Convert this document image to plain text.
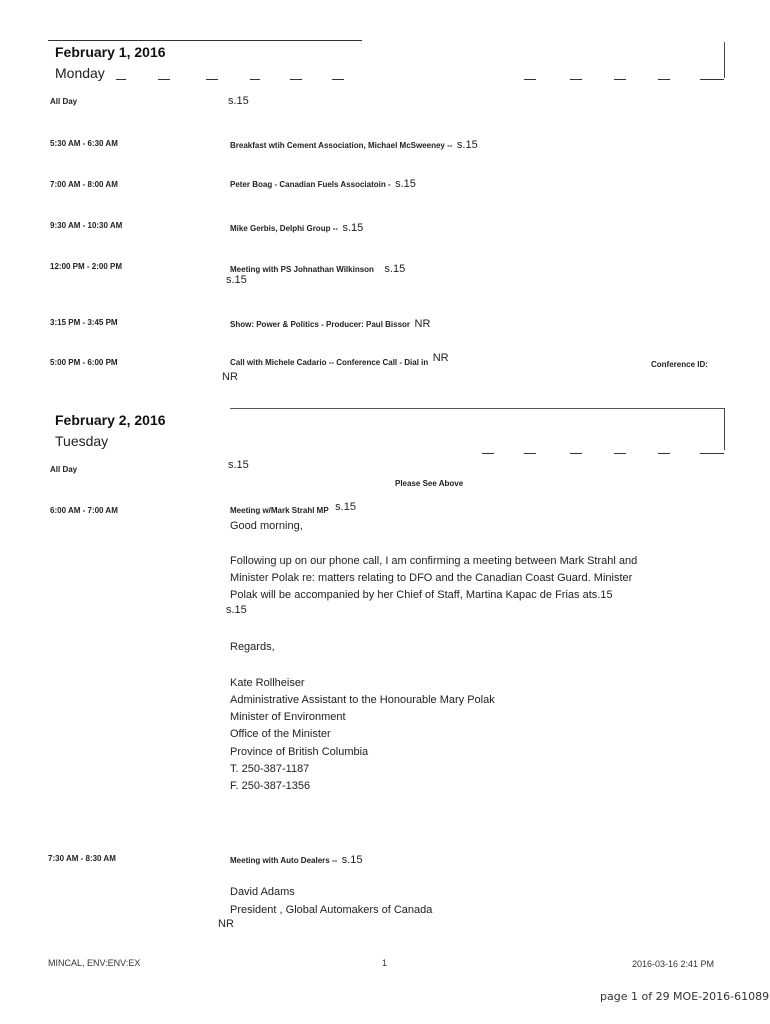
February 1, 2016
Monday
All Day	s.15
5:30 AM - 6:30 AM	Breakfast wtih Cement Association, Michael McSweeney -- s.15
7:00 AM - 8:00 AM	Peter Boag - Canadian Fuels Associatoin - s.15
9:30 AM - 10:30 AM	Mike Gerbis, Delphi Group -- s.15
12:00 PM - 2:00 PM	Meeting with PS Johnathan Wilkinson s.15
s.15
3:15 PM - 3:45 PM	Show: Power & Politics - Producer: Paul Bissor NR
5:00 PM - 6:00 PM	Call with Michele Cadario -- Conference Call - Dial in $^{NR}$
Conference ID:
NR
February 2, 2016
Tuesday
All Day	s.15
Please See Above
6:00 AM - 7:00 AM	Meeting w/Mark Strahl MP s.15
Good morning,
Following up on our phone call, I am confirming a meeting between Mark Strahl and
Minister Polak re: matters relating to DFO and the Canadian Coast Guard. Minister
Polak will be accompanied by her Chief of Staff, Martina Kapac de Frias ats.15
s.15
Regards,
Kate Rollheiser
Administrative Assistant to the Honourable Mary Polak
Minister of Environment
Office of the Minister
Province of British Columbia
T. 250-387-1187
F. 250-387-1356
7:30 AM - 8:30 AM	Meeting with Auto Dealers -- s.15
David Adams
President , Global Automakers of Canada
NR
MINCAL, ENV:ENV:EX	1	2016-03-16 2:41 PM
page 1 of 29 MOE-2016-61089
